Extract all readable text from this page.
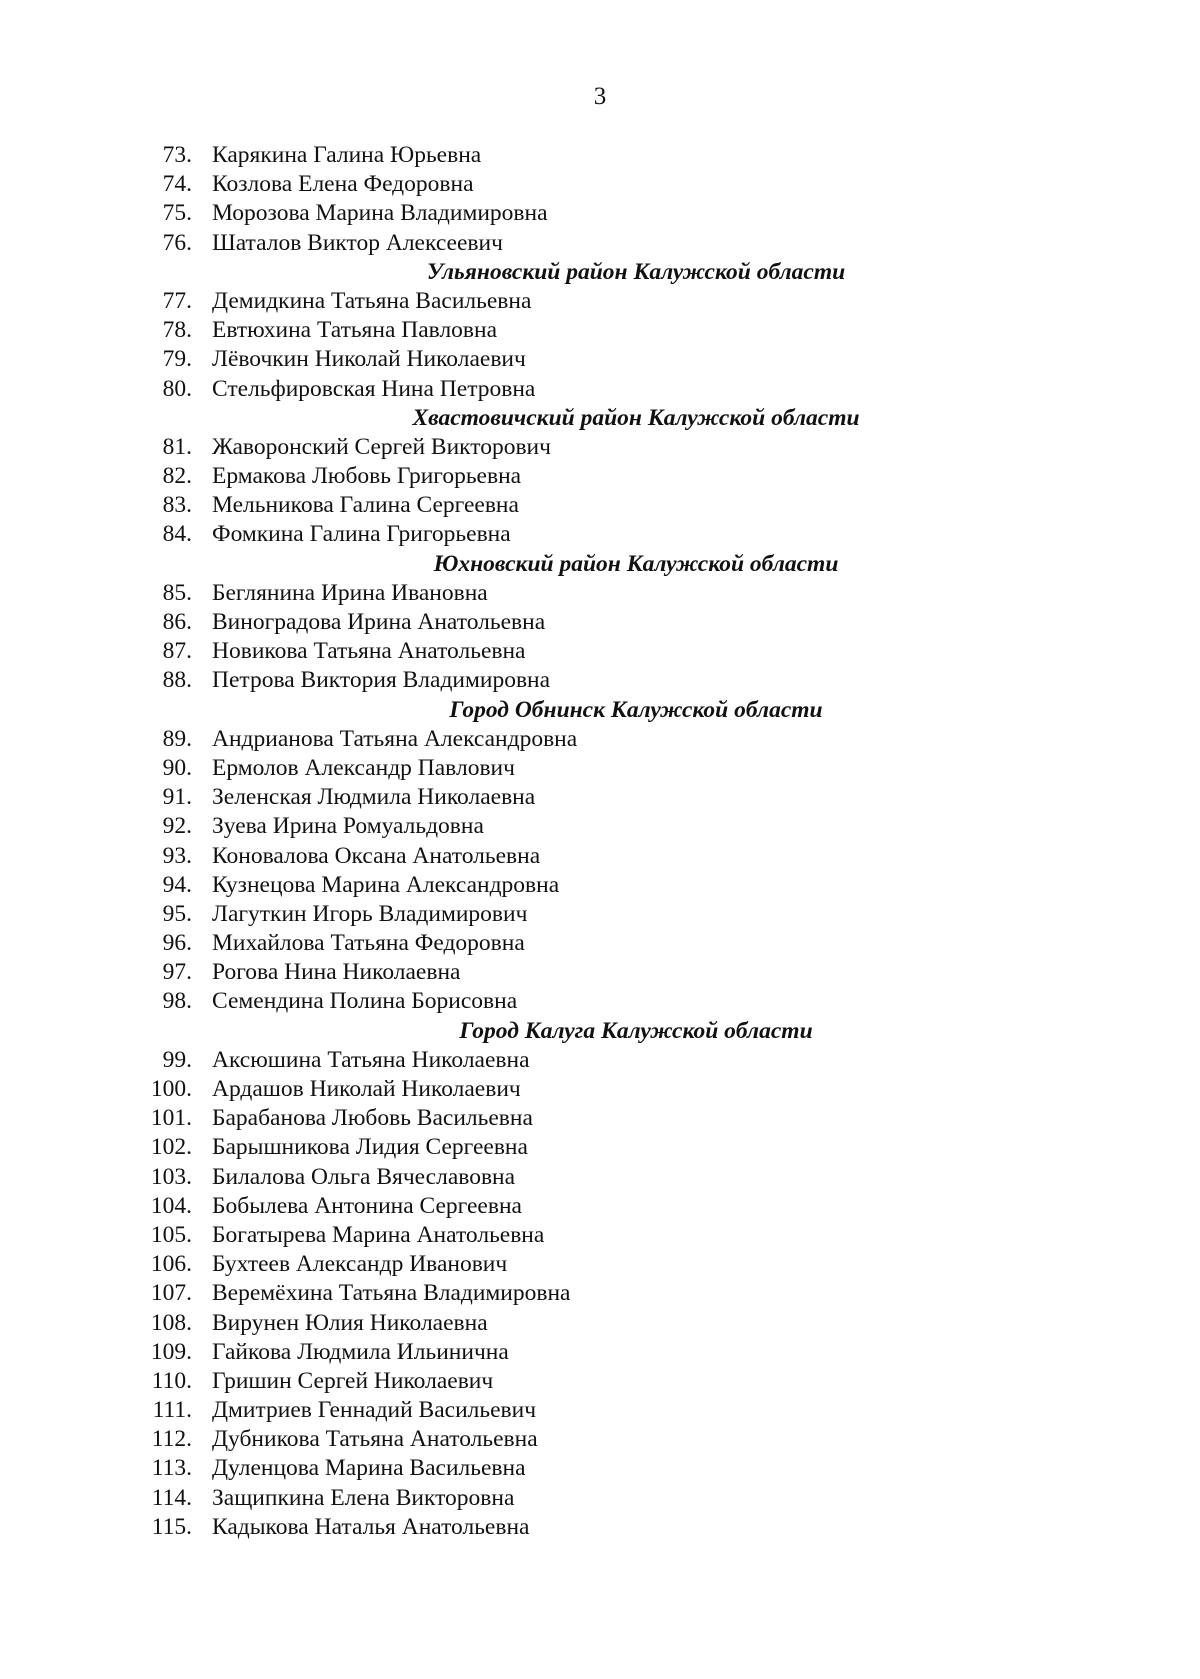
3
73. Карякина Галина Юрьевна
74. Козлова Елена Федоровна
75. Морозова Марина Владимировна
76. Шаталов Виктор Алексеевич
Ульяновский район Калужской области
77. Демидкина Татьяна Васильевна
78. Евтюхина Татьяна Павловна
79. Лёвочкин Николай Николаевич
80. Стельфировская Нина Петровна
Хвастовичский район Калужской области
81. Жаворонский Сергей Викторович
82. Ермакова Любовь Григорьевна
83. Мельникова Галина Сергеевна
84. Фомкина Галина Григорьевна
Юхновский район Калужской области
85. Беглянина Ирина Ивановна
86. Виноградова Ирина Анатольевна
87. Новикова Татьяна Анатольевна
88. Петрова Виктория Владимировна
Город Обнинск Калужской области
89. Андрианова Татьяна Александровна
90. Ермолов Александр Павлович
91. Зеленская Людмила Николаевна
92. Зуева Ирина Ромуальдовна
93. Коновалова Оксана Анатольевна
94. Кузнецова Марина Александровна
95. Лагуткин Игорь Владимирович
96. Михайлова Татьяна Федоровна
97. Рогова Нина Николаевна
98. Семендина Полина Борисовна
Город Калуга Калужской области
99. Аксюшина Татьяна Николаевна
100. Ардашов Николай Николаевич
101. Барабанова Любовь Васильевна
102. Барышникова Лидия Сергеевна
103. Билалова Ольга Вячеславовна
104. Бобылева Антонина Сергеевна
105. Богатырева Марина Анатольевна
106. Бухтеев Александр Иванович
107. Веремёхина Татьяна Владимировна
108. Вирунен Юлия Николаевна
109. Гайкова Людмила Ильинична
110. Гришин Сергей Николаевич
111. Дмитриев Геннадий Васильевич
112. Дубникова Татьяна Анатольевна
113. Дуленцова Марина Васильевна
114. Защипкина Елена Викторовна
115. Кадыкова Наталья Анатольевна
